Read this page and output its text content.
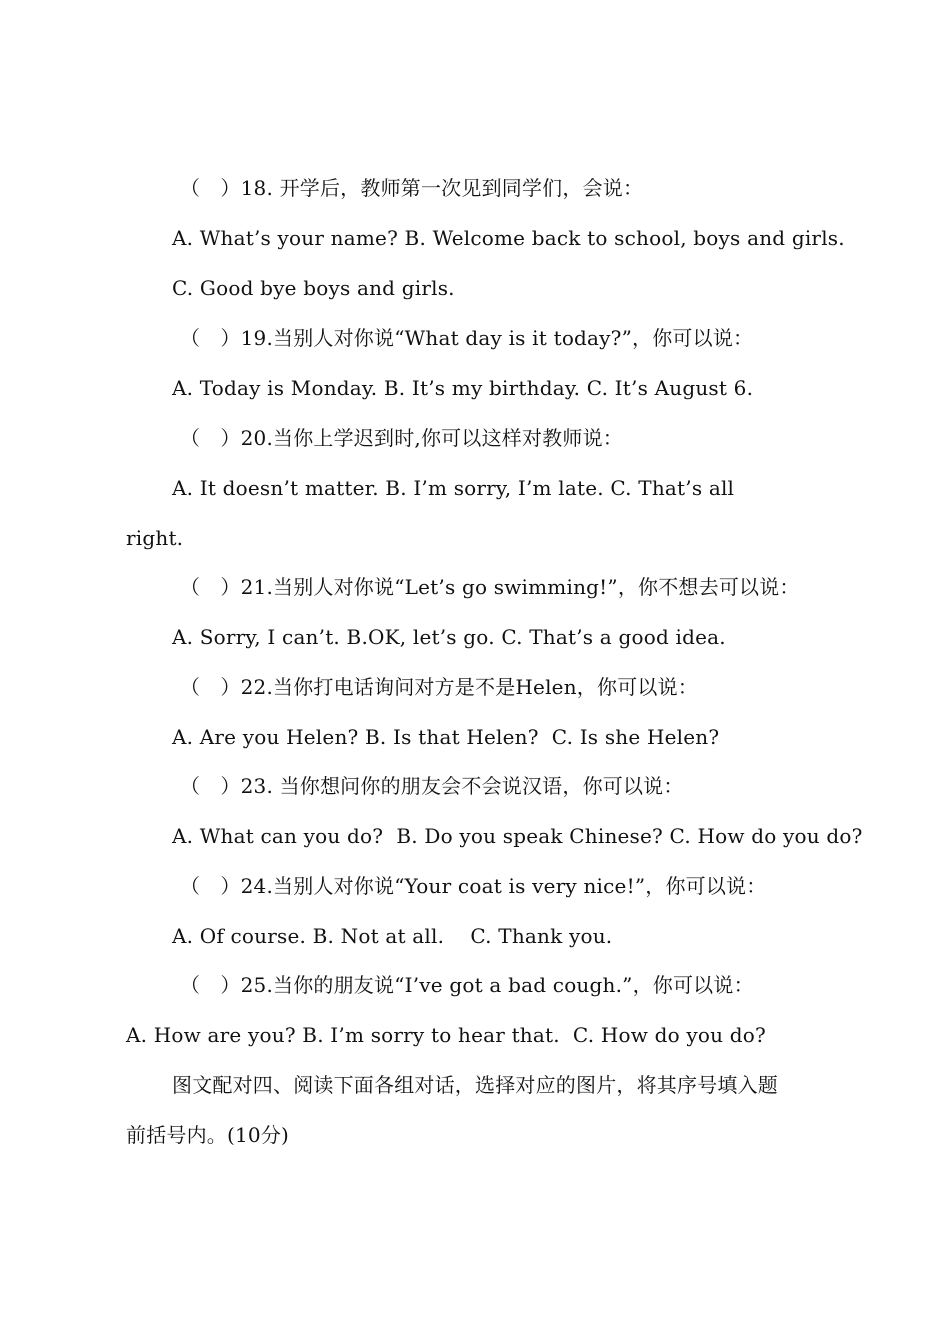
（　）18. 开学后，教师第一次见到同学们，会说：
A. What’s your name? B. Welcome back to school, boys and girls.
C. Good bye boys and girls.
（　）19.当别人对你说“What day is it today?”，你可以说：
A. Today is Monday. B. It’s my birthday. C. It’s August 6.
（　）20.当你上学迟到时,你可以这样对教师说：
A. It doesn’t matter. B. I’m sorry, I’m late. C. That’s all
right.
（　）21.当别人对你说“Let’s go swimming!”，你不想去可以说：
A. Sorry, I can’t. B.OK, let’s go. C. That’s a good idea.
（　）22.当你打电话询问对方是不是Helen，你可以说：
A. Are you Helen? B. Is that Helen?  C. Is she Helen?
（　）23. 当你想问你的朋友会不会说汉语，你可以说：
A. What can you do?  B. Do you speak Chinese? C. How do you do?
（　）24.当别人对你说“Your coat is very nice!”，你可以说：
A. Of course. B. Not at all.    C. Thank you.
（　）25.当你的朋友说“I’ve got a bad cough.”，你可以说：
A. How are you? B. I’m sorry to hear that.  C. How do you do?
图文配对四、阅读下面各组对话，选择对应的图片，将其序号填入题
前括号内。(10分)
